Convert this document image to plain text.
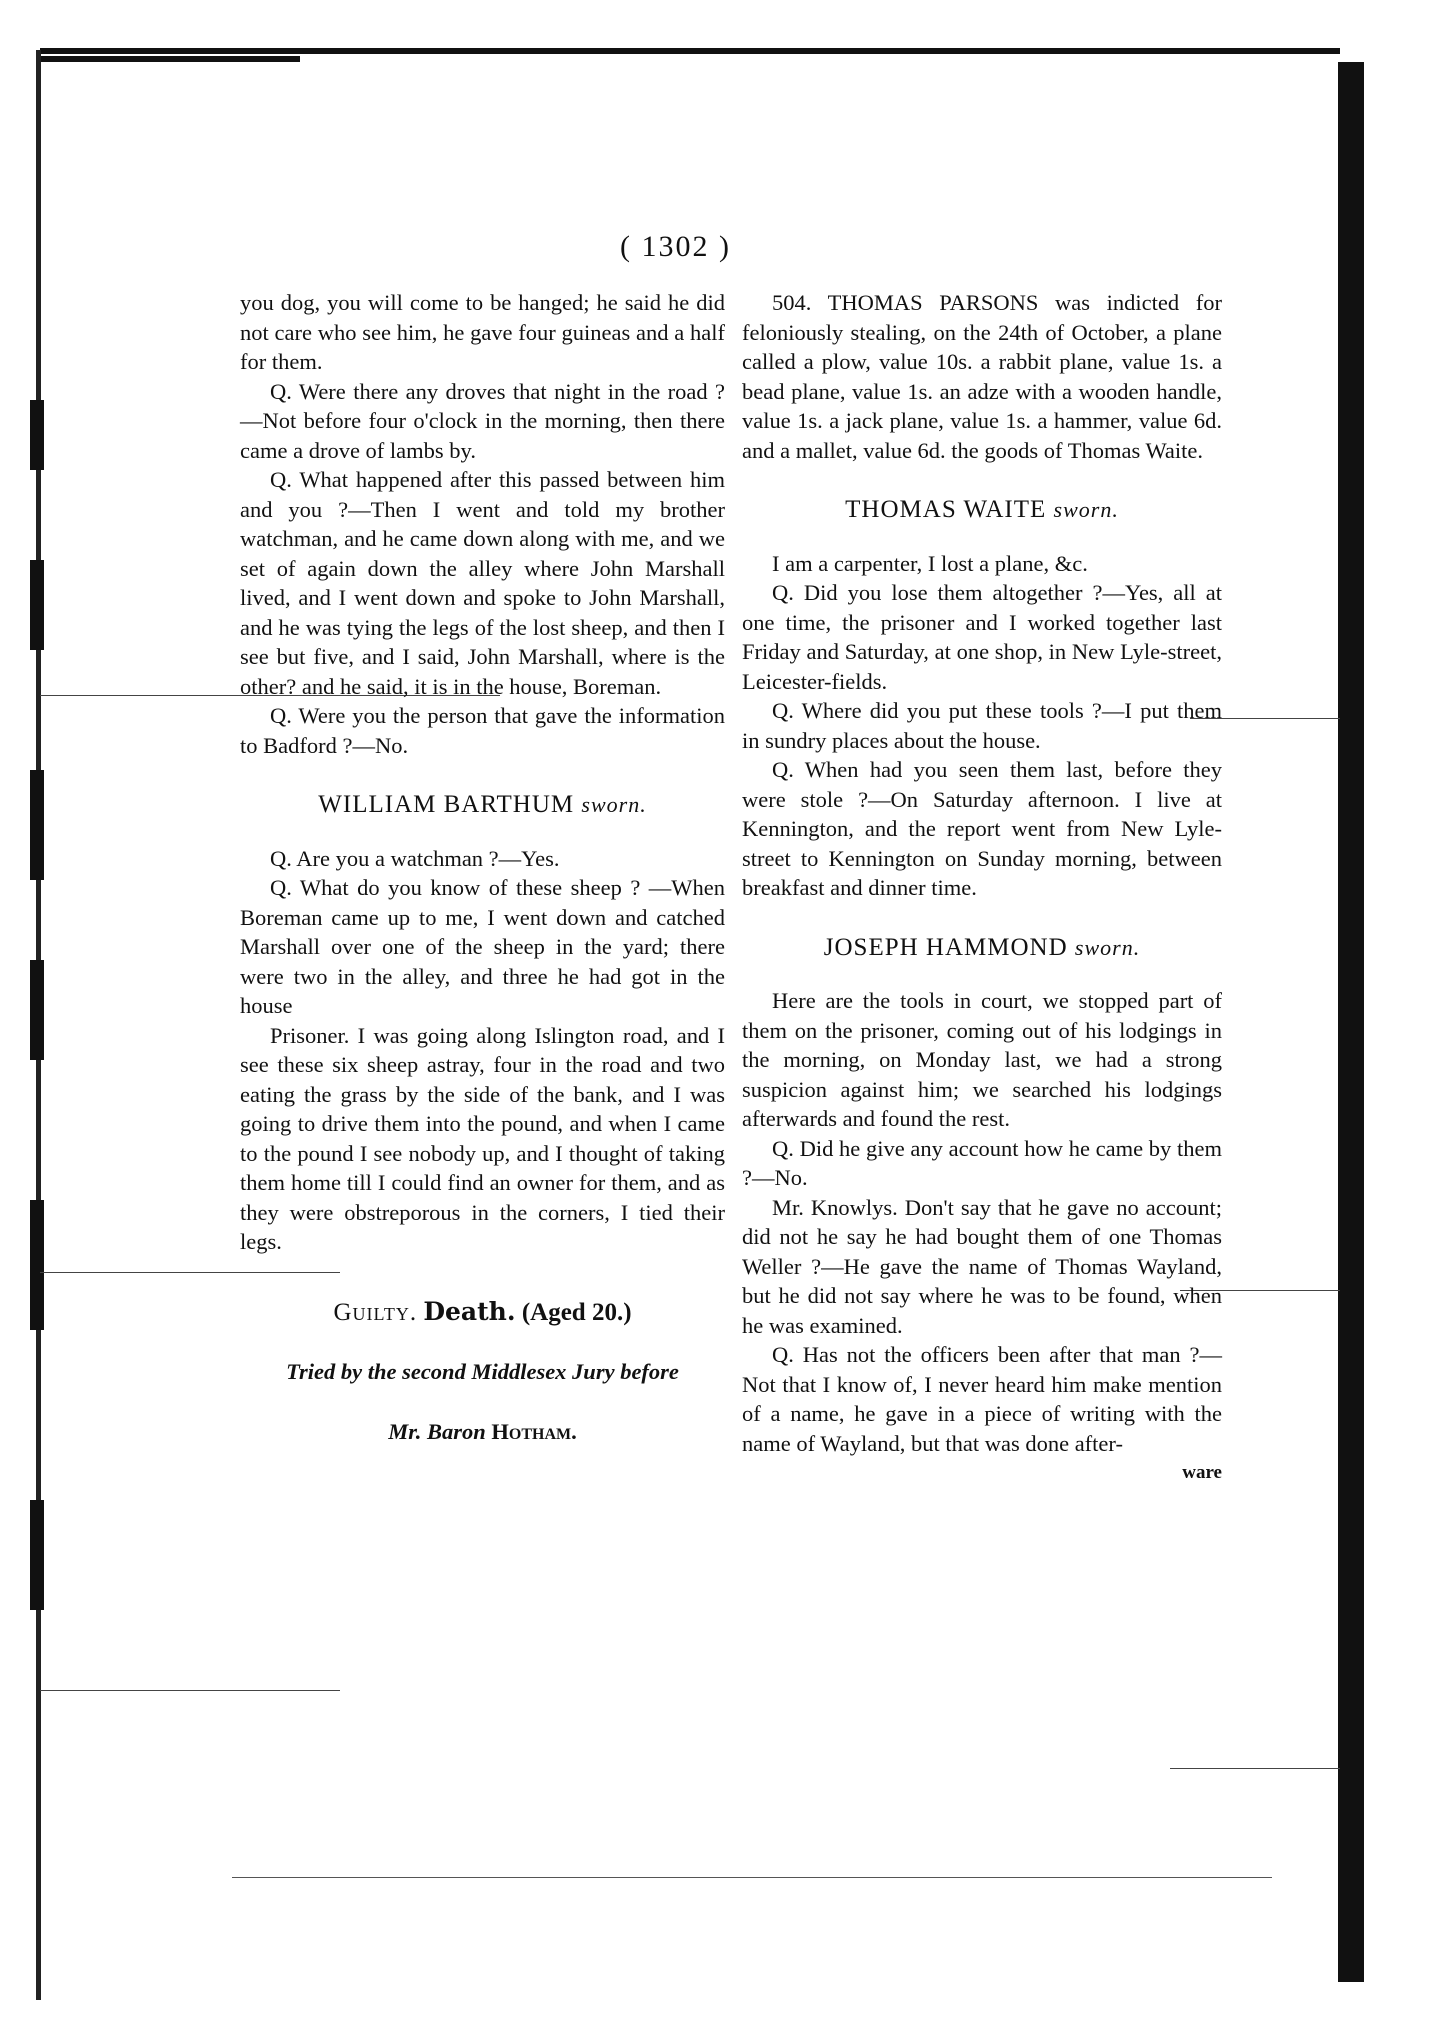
( 1302 )

you dog, you will come to be hanged; he said he did not care who see him, he gave four guineas and a half for them.

Q. Were there any droves that night in the road ?—Not before four o'clock in the morning, then there came a drove of lambs by.

Q. What happened after this passed between him and you ?—Then I went and told my brother watchman, and he came down along with me, and we set of again down the alley where John Marshall lived, and I went down and spoke to John Marshall, and he was tying the legs of the lost sheep, and then I see but five, and I said, John Marshall, where is the other? and he said, it is in the house, Boreman.

Q. Were you the person that gave the information to Badford ?—No.

WILLIAM BARTHUM sworn.

Q. Are you a watchman ?—Yes.

Q. What do you know of these sheep ? —When Boreman came up to me, I went down and catched Marshall over one of the sheep in the yard; there were two in the alley, and three he had got in the house

Prisoner. I was going along Islington road, and I see these six sheep astray, four in the road and two eating the grass by the side of the bank, and I was going to drive them into the pound, and when I came to the pound I see nobody up, and I thought of taking them home till I could find an owner for them, and as they were obstreporous in the corners, I tied their legs.

Guilty. Death. (Aged 20.)
Tried by the second Middlesex Jury before
Mr. Baron Hotham.

504. THOMAS PARSONS was indicted for feloniously stealing, on the 24th of October, a plane called a plow, value 10s. a rabbit plane, value 1s. a bead plane, value 1s. an adze with a wooden handle, value 1s. a jack plane, value 1s. a hammer, value 6d. and a mallet, value 6d. the goods of Thomas Waite.

THOMAS WAITE sworn.

I am a carpenter, I lost a plane, &c.

Q. Did you lose them altogether ?—Yes, all at one time, the prisoner and I worked together last Friday and Saturday, at one shop, in New Lyle-street, Leicester-fields.

Q. Where did you put these tools ?—I put them in sundry places about the house.

Q. When had you seen them last, before they were stole ?—On Saturday afternoon. I live at Kennington, and the report went from New Lyle-street to Kennington on Sunday morning, between breakfast and dinner time.

JOSEPH HAMMOND sworn.

Here are the tools in court, we stopped part of them on the prisoner, coming out of his lodgings in the morning, on Monday last, we had a strong suspicion against him; we searched his lodgings afterwards and found the rest.

Q. Did he give any account how he came by them ?—No.

Mr. Knowlys. Don't say that he gave no account; did not he say he had bought them of one Thomas Weller ?—He gave the name of Thomas Wayland, but he did not say where he was to be found, when he was examined.

Q. Has not the officers been after that man ?—Not that I know of, I never heard him make mention of a name, he gave in a piece of writing with the name of Wayland, but that was done after-

ware
